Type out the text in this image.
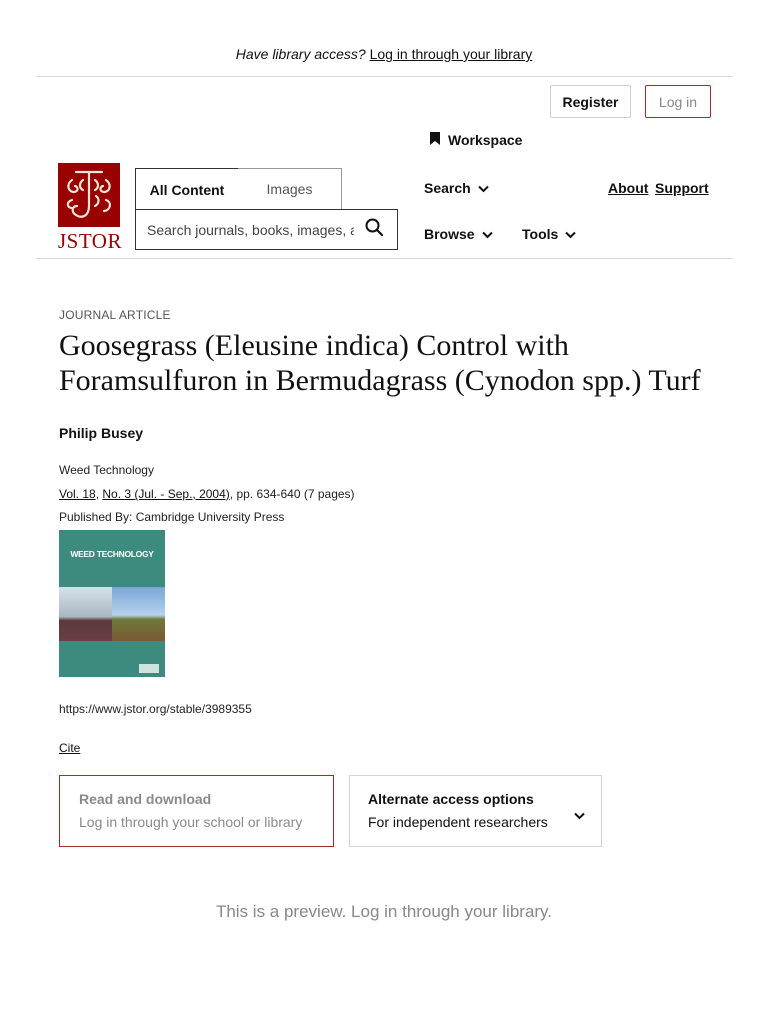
Have library access? Log in through your library
Register	Log in
Workspace
JSTOR
All Content	Images
Search journals, books, images, and primary sources	Search	About Support
Browse	Tools
JOURNAL ARTICLE
Goosegrass (Eleusine indica) Control with Foramsulfuron in Bermudagrass (Cynodon spp.) Turf
Philip Busey
Weed Technology
Vol. 18, No. 3 (Jul. - Sep., 2004), pp. 634-640 (7 pages)
Published By: Cambridge University Press
WEED TECHNOLOGY
https://www.jstor.org/stable/3989355
Cite
Read and download
Log in through your school or library
Alternate access options
For independent researchers
This is a preview. Log in through your library.
